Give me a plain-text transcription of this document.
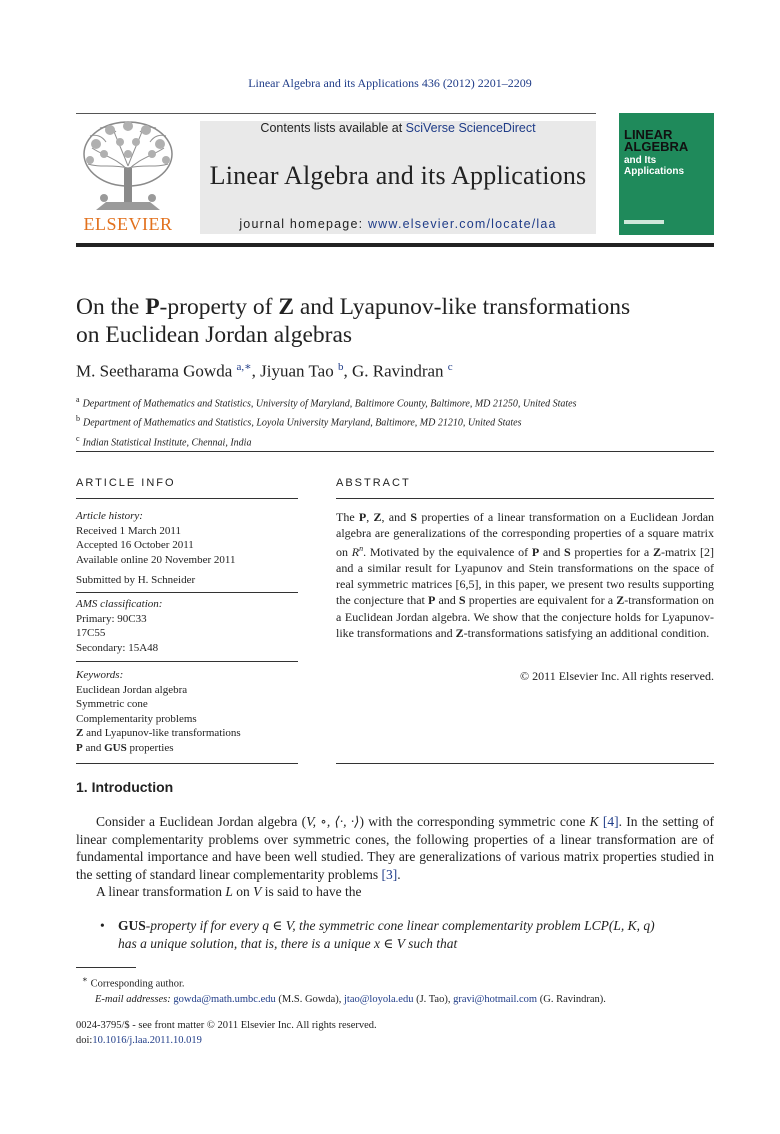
Linear Algebra and its Applications 436 (2012) 2201–2209
ELSEVIER
Contents lists available at SciVerse ScienceDirect
Linear Algebra and its Applications
journal homepage: www.elsevier.com/locate/laa
LINEAR
ALGEBRA
and Its
Applications
On the P-property of Z and Lyapunov-like transformations
on Euclidean Jordan algebras
M. Seetharama Gowda $^{a,∗}$, Jiyuan Tao $^b$, G. Ravindran $^c$
$^a$ Department of Mathematics and Statistics, University of Maryland, Baltimore County, Baltimore, MD 21250, United States
$^b$ Department of Mathematics and Statistics, Loyola University Maryland, Baltimore, MD 21210, United States
$^c$ Indian Statistical Institute, Chennai, India
ARTICLE INFO	ABSTRACT
Article history:
Received 1 March 2011
Accepted 16 October 2011
Available online 20 November 2011
Submitted by H. Schneider
AMS classification:
Primary: 90C33
17C55
Secondary: 15A48
Keywords:
Euclidean Jordan algebra
Symmetric cone
Complementarity problems
Z and Lyapunov-like transformations
P and GUS properties
The P, Z, and S properties of a linear transformation on a Euclidean Jordan algebra are generalizations of the corresponding properties of a square matrix on $R^n$. Motivated by the equivalence of P and S properties for a Z-matrix [2] and a similar result for Lyapunov and Stein transformations on the space of real symmetric matrices [6,5], in this paper, we present two results supporting the conjecture that P and S properties are equivalent for a Z-transformation on a Euclidean Jordan algebra. We show that the conjecture holds for Lyapunov-like transformations and Z-transformations satisfying an additional condition.
© 2011 Elsevier Inc. All rights reserved.
1. Introduction

Consider a Euclidean Jordan algebra (V, ∘, ⟨·, ·⟩) with the corresponding symmetric cone K [4]. In the setting of linear complementarity problems over symmetric cones, the following properties of a linear transformation are of fundamental importance and have been well studied. They are generalizations of various matrix properties studied in the setting of standard linear complementarity problems [3].

A linear transformation L on V is said to have the

• GUS-property if for every q ∈ V, the symmetric cone linear complementarity problem LCP(L, K, q)
has a unique solution, that is, there is a unique x ∈ V such that
∗ Corresponding author.
E-mail addresses: gowda@math.umbc.edu (M.S. Gowda), jtao@loyola.edu (J. Tao), gravi@hotmail.com (G. Ravindran).
0024-3795/$ - see front matter © 2011 Elsevier Inc. All rights reserved.
doi:10.1016/j.laa.2011.10.019
